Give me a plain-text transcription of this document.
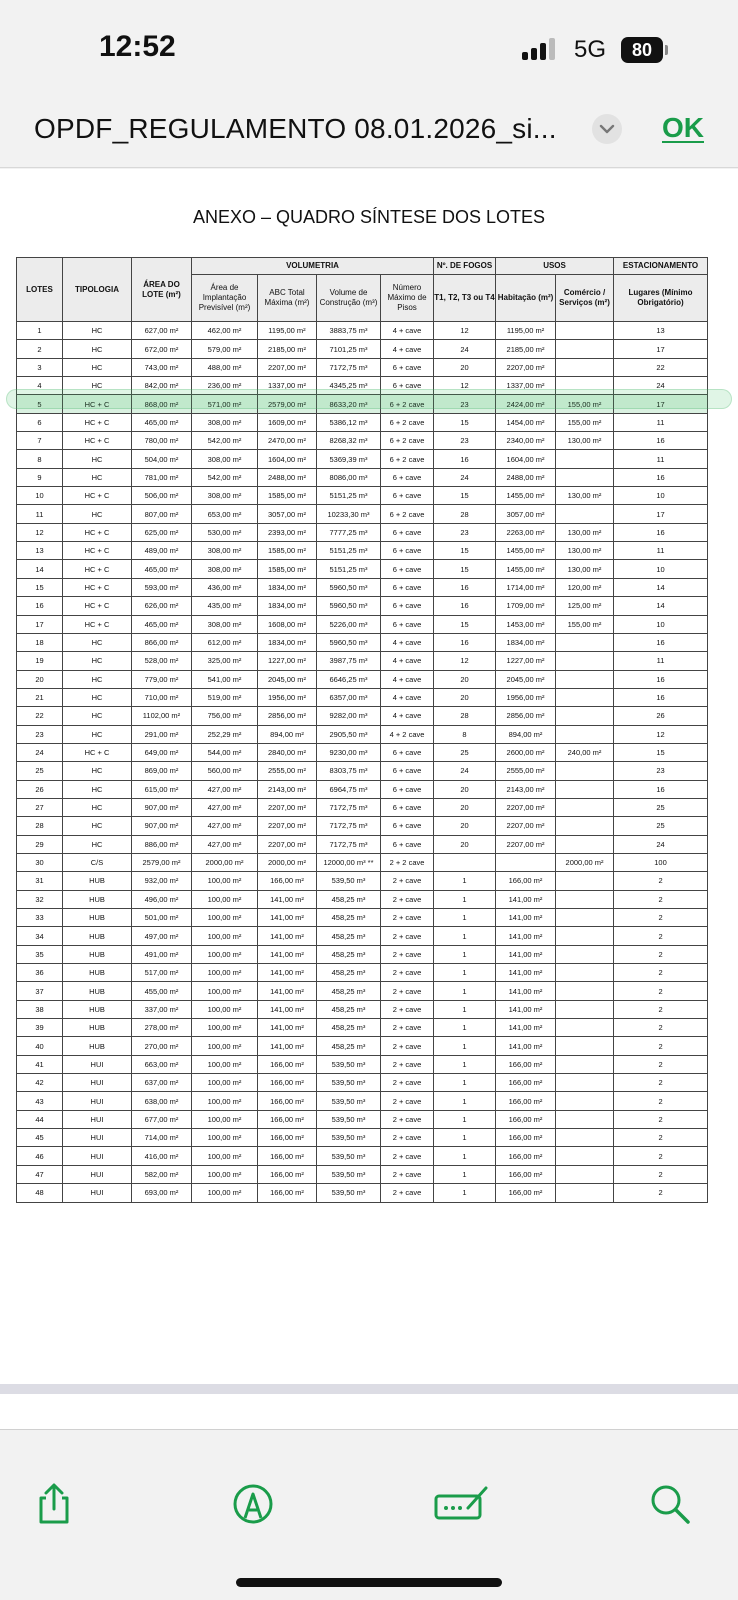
12:52	5G	80
OPDF_REGULAMENTO 08.01.2026_si...	OK
ANEXO – QUADRO SÍNTESE DOS LOTES
LOTES	TIPOLOGIA	ÁREA DO LOTE (m²)	VOLUMETRIA				Nº. DE FOGOS	USOS		ESTACIONAMENTO
			Área de Implantação Previsível (m²)	ABC Total Máxima (m²)	Volume de Construção (m³)	Número Máximo de Pisos	T1, T2, T3 ou T4	Habitação (m²)	Comércio / Serviços (m²)	Lugares (Mínimo Obrigatório)
1	HC	627,00 m²	462,00 m²	1195,00 m²	3883,75 m³	4 + cave	12	1195,00 m²		13
2	HC	672,00 m²	579,00 m²	2185,00 m²	7101,25 m³	4 + cave	24	2185,00 m²		17
3	HC	743,00 m²	488,00 m²	2207,00 m²	7172,75 m³	6 + cave	20	2207,00 m²		22
4	HC	842,00 m²	236,00 m²	1337,00 m²	4345,25 m³	6 + cave	12	1337,00 m²		24
5	HC + C	868,00 m²	571,00 m²	2579,00 m²	8633,20 m³	6 + 2 cave	23	2424,00 m²	155,00 m²	17
6	HC + C	465,00 m²	308,00 m²	1609,00 m²	5386,12 m³	6 + 2 cave	15	1454,00 m²	155,00 m²	11
7	HC + C	780,00 m²	542,00 m²	2470,00 m²	8268,32 m³	6 + 2 cave	23	2340,00 m²	130,00 m²	16
8	HC	504,00 m²	308,00 m²	1604,00 m²	5369,39 m³	6 + 2 cave	16	1604,00 m²		11
9	HC	781,00 m²	542,00 m²	2488,00 m²	8086,00 m³	6 + cave	24	2488,00 m²		16
10	HC + C	506,00 m²	308,00 m²	1585,00 m²	5151,25 m³	6 + cave	15	1455,00 m²	130,00 m²	10
11	HC	807,00 m²	653,00 m²	3057,00 m²	10233,30 m³	6 + 2 cave	28	3057,00 m²		17
12	HC + C	625,00 m²	530,00 m²	2393,00 m²	7777,25 m³	6 + cave	23	2263,00 m²	130,00 m²	16
13	HC + C	489,00 m²	308,00 m²	1585,00 m²	5151,25 m³	6 + cave	15	1455,00 m²	130,00 m²	11
14	HC + C	465,00 m²	308,00 m²	1585,00 m²	5151,25 m³	6 + cave	15	1455,00 m²	130,00 m²	10
15	HC + C	593,00 m²	436,00 m²	1834,00 m²	5960,50 m³	6 + cave	16	1714,00 m²	120,00 m²	14
16	HC + C	626,00 m²	435,00 m²	1834,00 m²	5960,50 m³	6 + cave	16	1709,00 m²	125,00 m²	14
17	HC + C	465,00 m²	308,00 m²	1608,00 m²	5226,00 m³	6 + cave	15	1453,00 m²	155,00 m²	10
18	HC	866,00 m²	612,00 m²	1834,00 m²	5960,50 m³	4 + cave	16	1834,00 m²		16
19	HC	528,00 m²	325,00 m²	1227,00 m²	3987,75 m³	4 + cave	12	1227,00 m²		11
20	HC	779,00 m²	541,00 m²	2045,00 m²	6646,25 m³	4 + cave	20	2045,00 m²		16
21	HC	710,00 m²	519,00 m²	1956,00 m²	6357,00 m³	4 + cave	20	1956,00 m²		16
22	HC	1102,00 m²	756,00 m²	2856,00 m²	9282,00 m³	4 + cave	28	2856,00 m²		26
23	HC	291,00 m²	252,29 m²	894,00 m²	2905,50 m³	4 + 2 cave	8	894,00 m²		12
24	HC + C	649,00 m²	544,00 m²	2840,00 m²	9230,00 m³	6 + cave	25	2600,00 m²	240,00 m²	15
25	HC	869,00 m²	560,00 m²	2555,00 m²	8303,75 m³	6 + cave	24	2555,00 m²		23
26	HC	615,00 m²	427,00 m²	2143,00 m²	6964,75 m³	6 + cave	20	2143,00 m²		16
27	HC	907,00 m²	427,00 m²	2207,00 m²	7172,75 m³	6 + cave	20	2207,00 m²		25
28	HC	907,00 m²	427,00 m²	2207,00 m²	7172,75 m³	6 + cave	20	2207,00 m²		25
29	HC	886,00 m²	427,00 m²	2207,00 m²	7172,75 m³	6 + cave	20	2207,00 m²		24
30	C/S	2579,00 m²	2000,00 m²	2000,00 m²	12000,00 m³ **	2 + 2 cave			2000,00 m²	100
31	HUB	932,00 m²	100,00 m²	166,00 m²	539,50 m³	2 + cave	1	166,00 m²		2
32	HUB	496,00 m²	100,00 m²	141,00 m²	458,25 m³	2 + cave	1	141,00 m²		2
33	HUB	501,00 m²	100,00 m²	141,00 m²	458,25 m³	2 + cave	1	141,00 m²		2
34	HUB	497,00 m²	100,00 m²	141,00 m²	458,25 m³	2 + cave	1	141,00 m²		2
35	HUB	491,00 m²	100,00 m²	141,00 m²	458,25 m³	2 + cave	1	141,00 m²		2
36	HUB	517,00 m²	100,00 m²	141,00 m²	458,25 m³	2 + cave	1	141,00 m²		2
37	HUB	455,00 m²	100,00 m²	141,00 m²	458,25 m³	2 + cave	1	141,00 m²		2
38	HUB	337,00 m²	100,00 m²	141,00 m²	458,25 m³	2 + cave	1	141,00 m²		2
39	HUB	278,00 m²	100,00 m²	141,00 m²	458,25 m³	2 + cave	1	141,00 m²		2
40	HUB	270,00 m²	100,00 m²	141,00 m²	458,25 m³	2 + cave	1	141,00 m²		2
41	HUI	663,00 m²	100,00 m²	166,00 m²	539,50 m³	2 + cave	1	166,00 m²		2
42	HUI	637,00 m²	100,00 m²	166,00 m²	539,50 m³	2 + cave	1	166,00 m²		2
43	HUI	638,00 m²	100,00 m²	166,00 m²	539,50 m³	2 + cave	1	166,00 m²		2
44	HUI	677,00 m²	100,00 m²	166,00 m²	539,50 m³	2 + cave	1	166,00 m²		2
45	HUI	714,00 m²	100,00 m²	166,00 m²	539,50 m³	2 + cave	1	166,00 m²		2
46	HUI	416,00 m²	100,00 m²	166,00 m²	539,50 m³	2 + cave	1	166,00 m²		2
47	HUI	582,00 m²	100,00 m²	166,00 m²	539,50 m³	2 + cave	1	166,00 m²		2
48	HUI	693,00 m²	100,00 m²	166,00 m²	539,50 m³	2 + cave	1	166,00 m²		2
